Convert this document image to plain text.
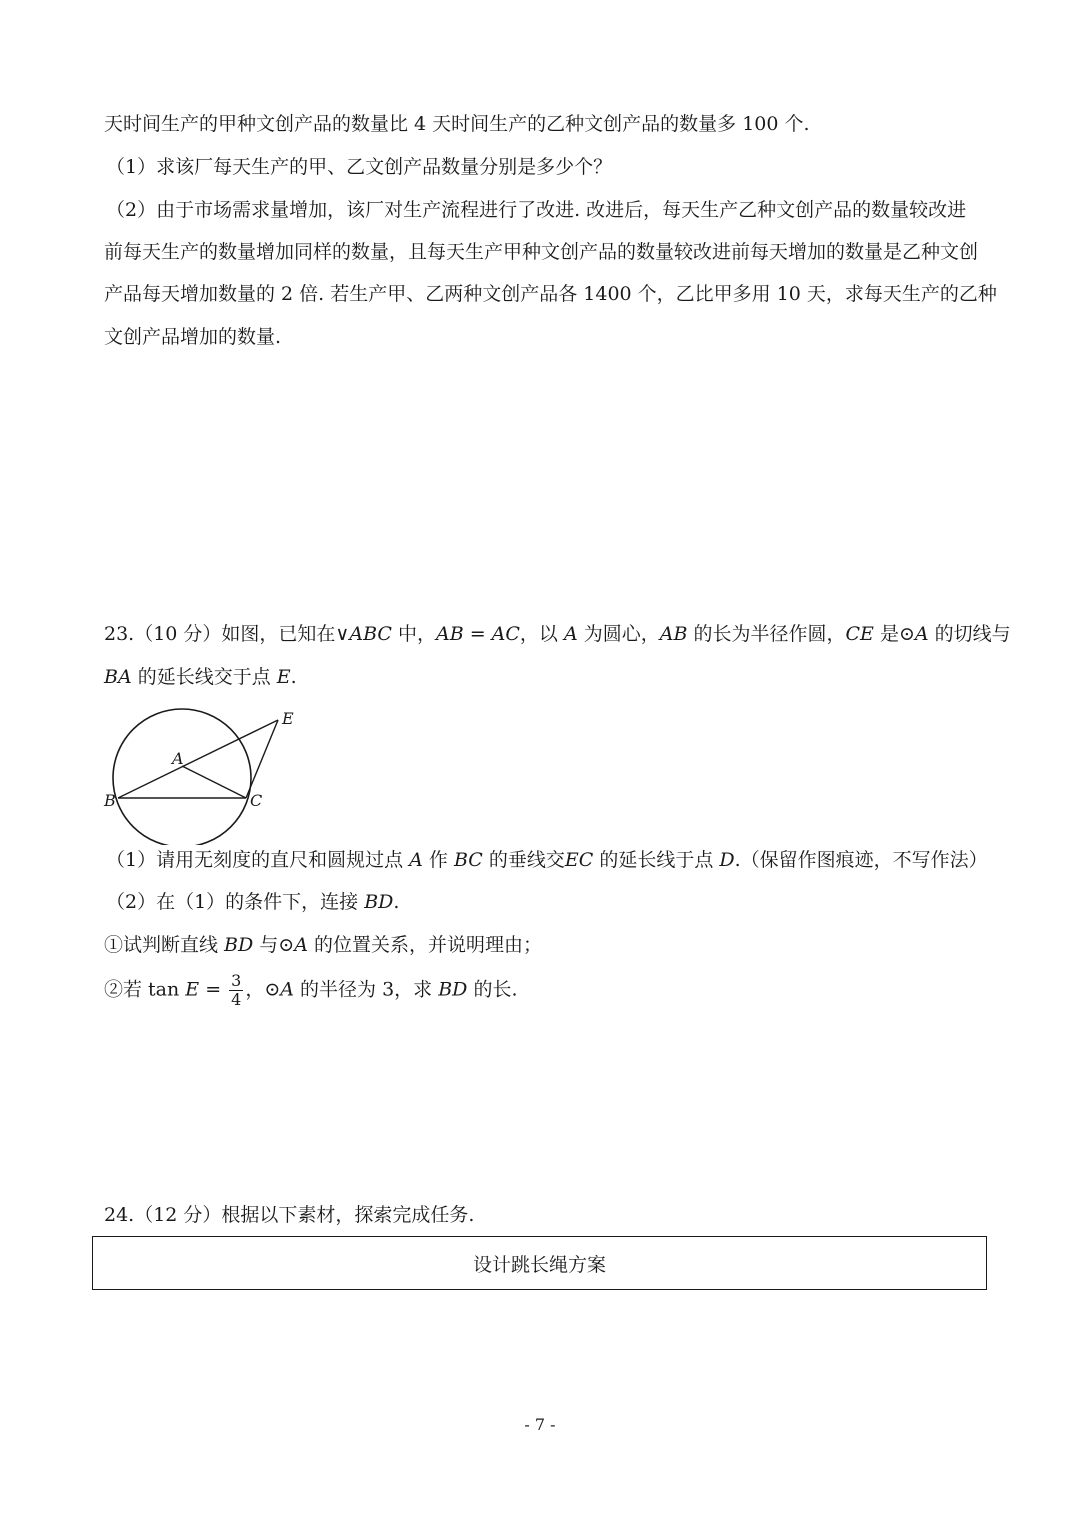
天时间生产的甲种文创产品的数量比 4 天时间生产的乙种文创产品的数量多 100 个.
（1）求该厂每天生产的甲、乙文创产品数量分别是多少个？
（2）由于市场需求量增加，该厂对生产流程进行了改进. 改进后，每天生产乙种文创产品的数量较改进
前每天生产的数量增加同样的数量，且每天生产甲种文创产品的数量较改进前每天增加的数量是乙种文创
产品每天增加数量的 2 倍. 若生产甲、乙两种文创产品各 1400 个，乙比甲多用 10 天，求每天生产的乙种
文创产品增加的数量.
23.（10 分）如图，已知在∨ABC 中，AB = AC，以 A 为圆心，AB 的长为半径作圆，CE 是⊙A 的切线与
BA 的延长线交于点 E.
E
A
B	C
（1）请用无刻度的直尺和圆规过点 A 作 BC 的垂线交EC 的延长线于点 D.（保留作图痕迹，不写作法）
（2）在（1）的条件下，连接 BD.
①试判断直线 BD 与⊙A 的位置关系，并说明理由；
②若 $\tan E = \frac{3}{4}$ ，⊙A 的半径为 3，求 BD 的长.
24.（12 分）根据以下素材，探索完成任务.
设计跳长绳方案
- 7 -
